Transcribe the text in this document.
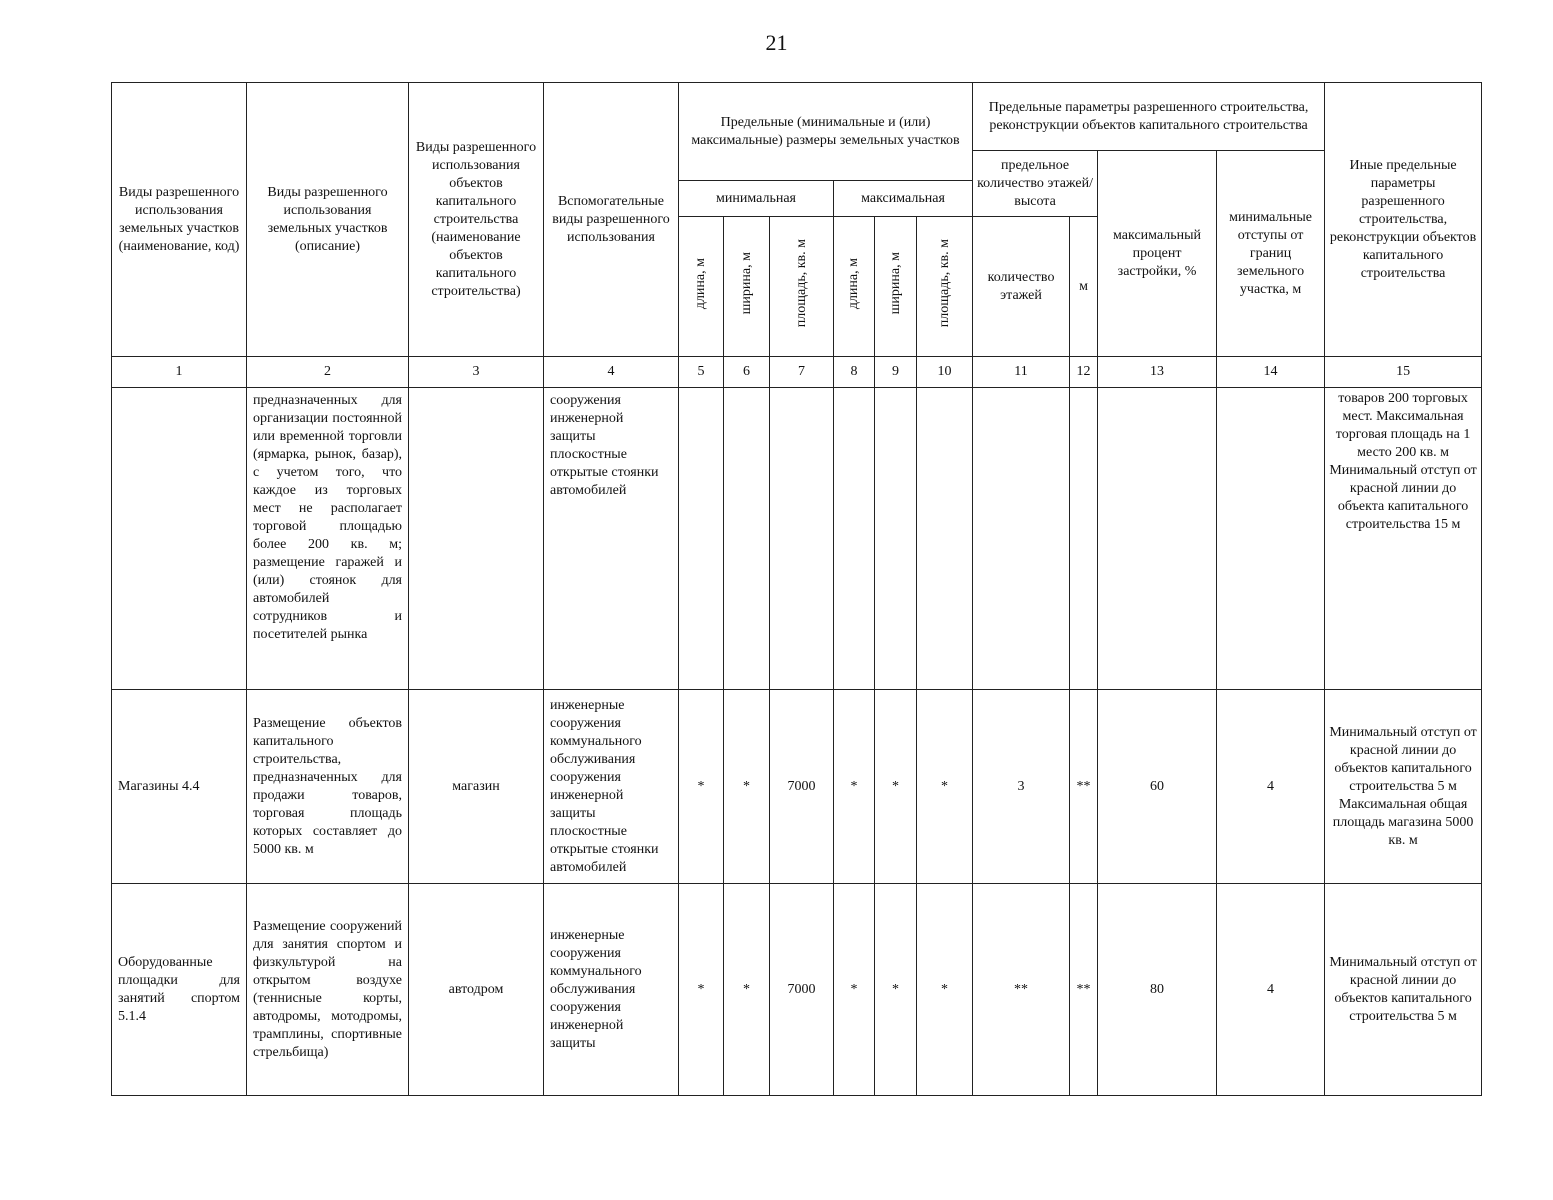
21
Виды разрешенного использования земельных участков (наименование, код)	Виды разрешенного использования земельных участков (описание)	Виды разрешенного использования объектов капитального строительства (наименование объектов капитального строительства)	Вспомогательные виды разрешенного использования	Предельные (минимальные и (или) максимальные) размеры земельных участков						Предельные параметры разрешенного строительства, реконструкции объектов капитального строительства				Иные предельные параметры разрешенного строительства, реконструкции объектов капитального строительства
										предельное количество этажей/высота		максимальный процент застройки, %	минимальные отступы от границ земельного участка, м	
				минимальная			максимальная							
				длина, м	ширина, м	площадь, кв. м	длина, м	ширина, м	площадь, кв. м	количество этажей	м			
1	2	3	4	5	6	7	8	9	10	11	12	13	14	15
	предназначенных для организации постоянной или временной торговли (ярмарка, рынок, базар), с учетом того, что каждое из торговых мест не располагает торговой площадью более 200 кв. м; размещение гаражей и (или) стоянок для автомобилей сотрудников и посетителей рынка		сооружения инженерной защиты плоскостные открытые стоянки автомобилей											товаров 200 торговых мест. Максимальная торговая площадь на 1 место 200 кв. м Минимальный отступ от красной линии до объекта капитального строительства 15 м
Магазины 4.4	Размещение объектов капитального строительства, предназначенных для продажи товаров, торговая площадь которых составляет до 5000 кв. м	магазин	инженерные сооружения коммунального обслуживания сооружения инженерной защиты плоскостные открытые стоянки автомобилей	*	*	7000	*	*	*	3	**	60	4	Минимальный отступ от красной линии до объектов капитального строительства 5 м Максимальная общая площадь магазина 5000 кв. м
Оборудованные площадки для занятий спортом 5.1.4	Размещение сооружений для занятия спортом и физкультурой на открытом воздухе (теннисные корты, автодромы, мотодромы, трамплины, спортивные стрельбища)	автодром	инженерные сооружения коммунального обслуживания сооружения инженерной защиты	*	*	7000	*	*	*	**	**	80	4	Минимальный отступ от красной линии до объектов капитального строительства 5 м
